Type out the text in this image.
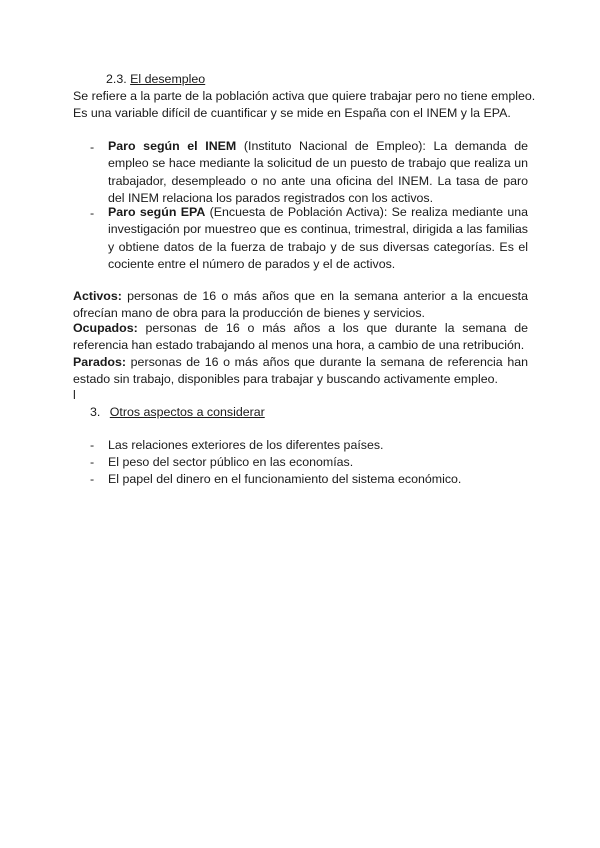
2.3. El desempleo
Se refiere a la parte de la población activa que quiere trabajar pero no tiene empleo.
Es una variable difícil de cuantificar y se mide en España con el INEM y la EPA.
-	Paro según el INEM (Instituto Nacional de Empleo): La demanda de empleo se hace mediante la solicitud de un puesto de trabajo que realiza un trabajador, desempleado o no ante una oficina del INEM. La tasa de paro del INEM relaciona los parados registrados con los activos.
-	Paro según EPA (Encuesta de Población Activa): Se realiza mediante una investigación por muestreo que es continua, trimestral, dirigida a las familias y obtiene datos de la fuerza de trabajo y de sus diversas categorías. Es el cociente entre el número de parados y el de activos.
Activos: personas de 16 o más años que en la semana anterior a la encuesta ofrecían mano de obra para la producción de bienes y servicios.
Ocupados: personas de 16 o más años a los que durante la semana de referencia han estado trabajando al menos una hora, a cambio de una retribución.
Parados: personas de 16 o más años que durante la semana de referencia han estado sin trabajo, disponibles para trabajar y buscando activamente empleo.
l
3. Otros aspectos a considerar
-	Las relaciones exteriores de los diferentes países.
-	El peso del sector público en las economías.
-	El papel del dinero en el funcionamiento del sistema económico.
